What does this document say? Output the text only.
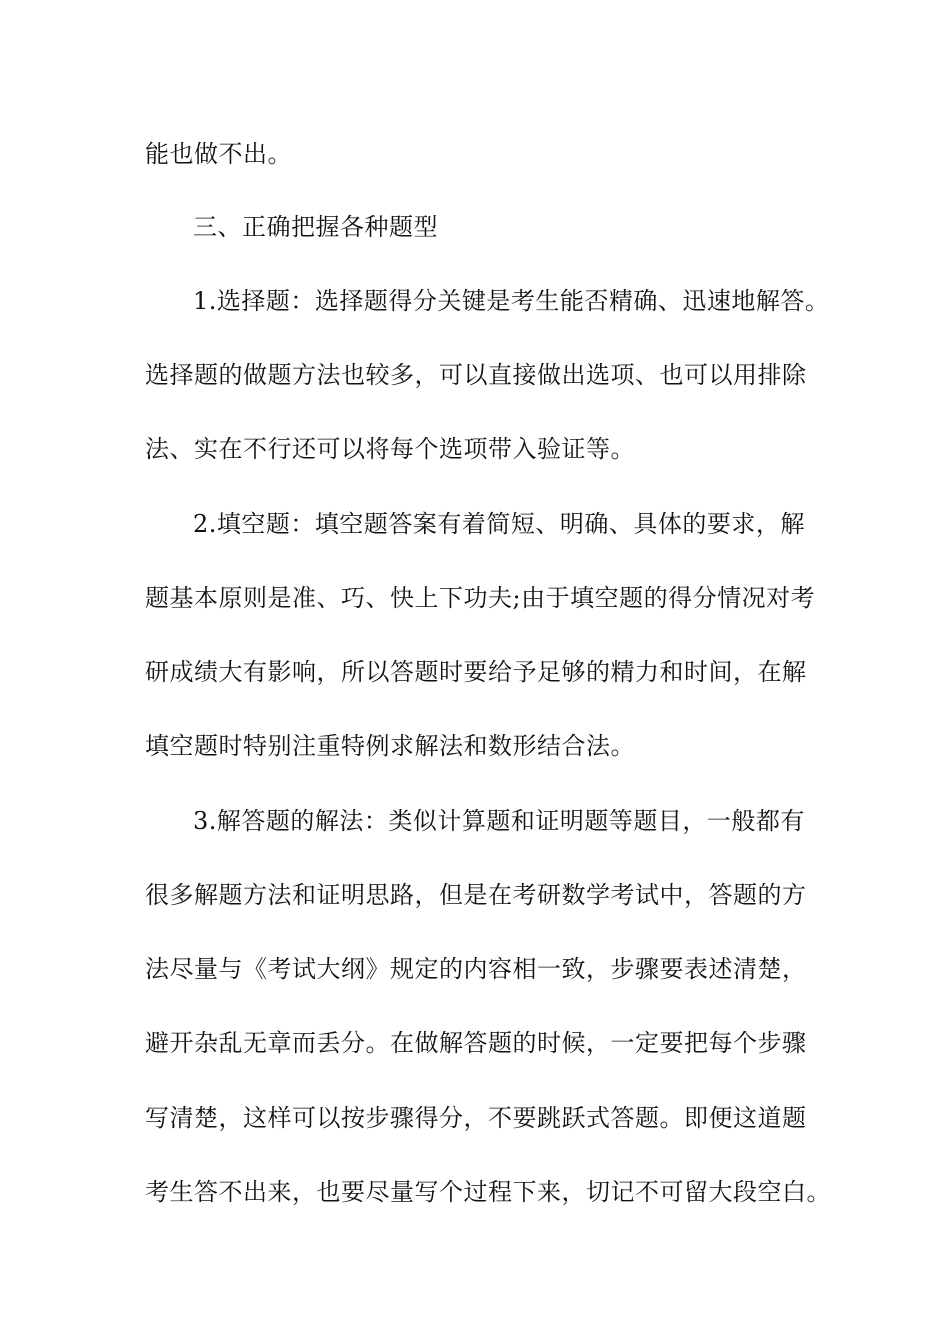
能也做不出。
三、正确把握各种题型
1.选择题：选择题得分关键是考生能否精确、迅速地解答。
选择题的做题方法也较多，可以直接做出选项、也可以用排除
法、实在不行还可以将每个选项带入验证等。
2.填空题：填空题答案有着简短、明确、具体的要求，解
题基本原则是准、巧、快上下功夫;由于填空题的得分情况对考
研成绩大有影响，所以答题时要给予足够的精力和时间，在解
填空题时特别注重特例求解法和数形结合法。
3.解答题的解法：类似计算题和证明题等题目，一般都有
很多解题方法和证明思路，但是在考研数学考试中，答题的方
法尽量与《考试大纲》规定的内容相一致，步骤要表述清楚，
避开杂乱无章而丢分。在做解答题的时候，一定要把每个步骤
写清楚，这样可以按步骤得分，不要跳跃式答题。即便这道题
考生答不出来，也要尽量写个过程下来，切记不可留大段空白。
